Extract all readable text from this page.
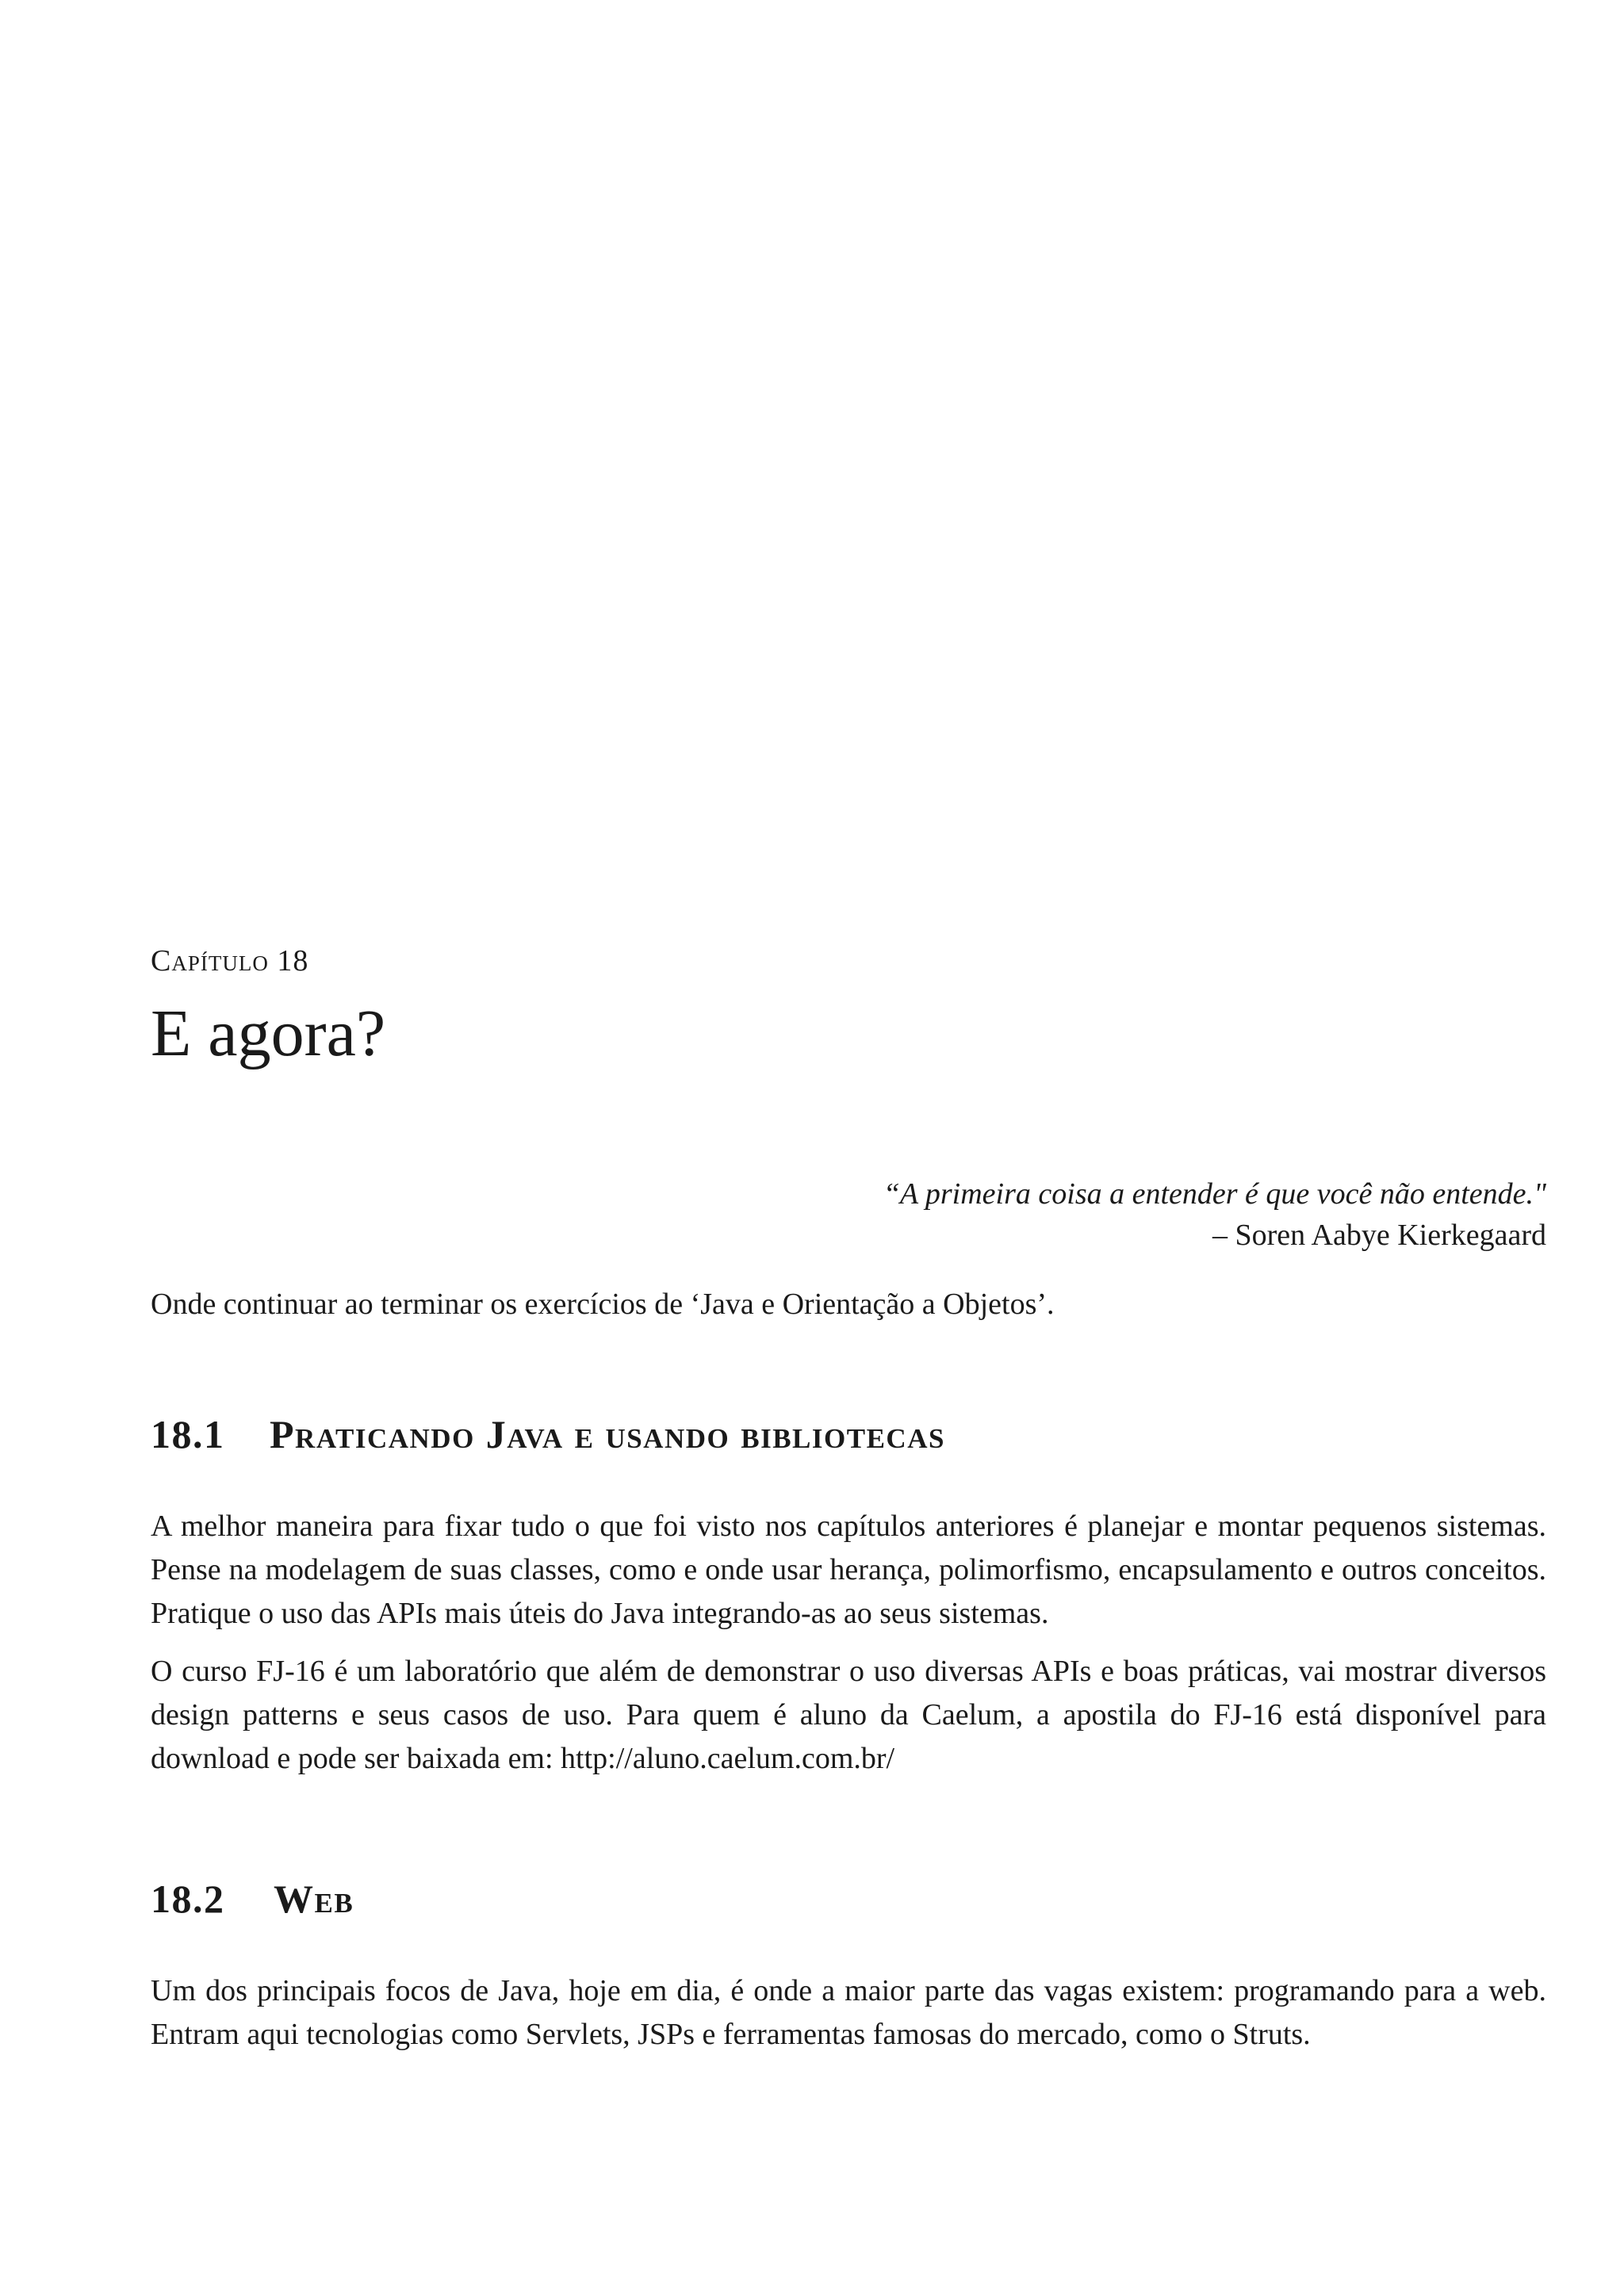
Capítulo 18
E agora?
“A primeira coisa a entender é que você não entende."
– Soren Aabye Kierkegaard

Onde continuar ao terminar os exercícios de ‘Java e Orientação a Objetos’.

18.1 Praticando Java e usando bibliotecas

A melhor maneira para fixar tudo o que foi visto nos capítulos anteriores é planejar e montar pequenos sistemas. Pense na modelagem de suas classes, como e onde usar herança, polimorfismo, encapsulamento e outros conceitos. Pratique o uso das APIs mais úteis do Java integrando-as ao seus sistemas.

O curso FJ-16 é um laboratório que além de demonstrar o uso diversas APIs e boas práticas, vai mostrar diversos design patterns e seus casos de uso. Para quem é aluno da Caelum, a apostila do FJ-16 está disponível para download e pode ser baixada em: http://aluno.caelum.com.br/

18.2 Web

Um dos principais focos de Java, hoje em dia, é onde a maior parte das vagas existem: programando para a web. Entram aqui tecnologias como Servlets, JSPs e ferramentas famosas do mercado, como o Struts.
